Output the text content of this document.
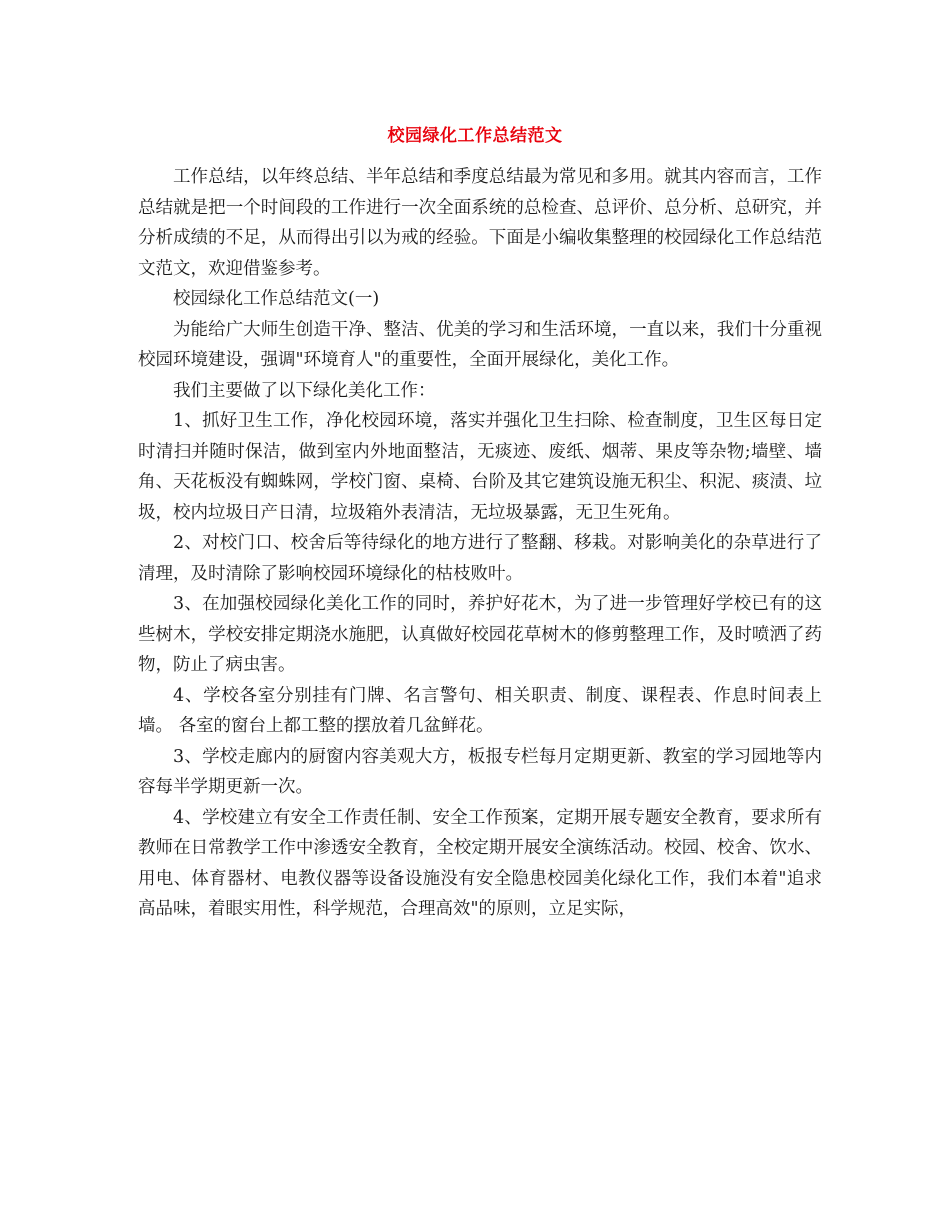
校园绿化工作总结范文

工作总结，以年终总结、半年总结和季度总结最为常见和多用。就其内容而言，工作总结就是把一个时间段的工作进行一次全面系统的总检查、总评价、总分析、总研究，并分析成绩的不足，从而得出引以为戒的经验。下面是小编收集整理的校园绿化工作总结范文范文，欢迎借鉴参考。

校园绿化工作总结范文(一)

为能给广大师生创造干净、整洁、优美的学习和生活环境，一直以来，我们十分重视校园环境建设，强调"环境育人"的重要性，全面开展绿化，美化工作。

我们主要做了以下绿化美化工作：

1、抓好卫生工作，净化校园环境，落实并强化卫生扫除、检查制度，卫生区每日定时清扫并随时保洁，做到室内外地面整洁，无痰迹、废纸、烟蒂、果皮等杂物;墙壁、墙角、天花板没有蜘蛛网，学校门窗、桌椅、台阶及其它建筑设施无积尘、积泥、痰渍、垃圾，校内垃圾日产日清，垃圾箱外表清洁，无垃圾暴露，无卫生死角。

2、对校门口、校舍后等待绿化的地方进行了整翻、移栽。对影响美化的杂草进行了清理，及时清除了影响校园环境绿化的枯枝败叶。

3、在加强校园绿化美化工作的同时，养护好花木，为了进一步管理好学校已有的这些树木，学校安排定期浇水施肥，认真做好校园花草树木的修剪整理工作，及时喷洒了药物，防止了病虫害。

4、学校各室分别挂有门牌、名言警句、相关职责、制度、课程表、作息时间表上墙。 各室的窗台上都工整的摆放着几盆鲜花。

3、学校走廊内的厨窗内容美观大方，板报专栏每月定期更新、教室的学习园地等内容每半学期更新一次。

4、学校建立有安全工作责任制、安全工作预案，定期开展专题安全教育，要求所有教师在日常教学工作中渗透安全教育，全校定期开展安全演练活动。校园、校舍、饮水、用电、体育器材、电教仪器等设备设施没有安全隐患校园美化绿化工作，我们本着"追求高品味，着眼实用性，科学规范，合理高效"的原则，立足实际，
